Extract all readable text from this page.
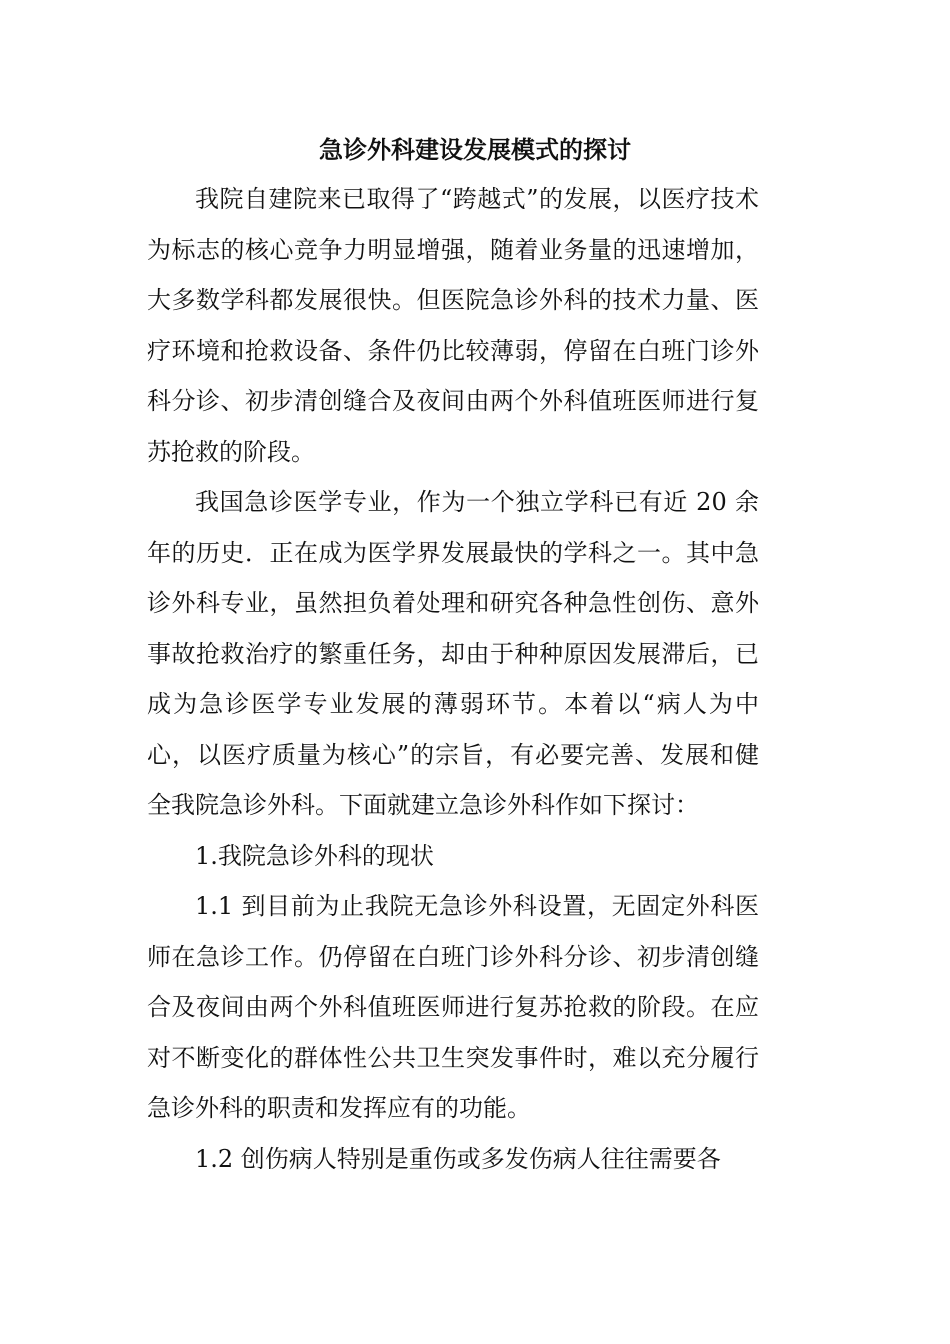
急诊外科建设发展模式的探讨

我院自建院来已取得了“跨越式”的发展，以医疗技术为标志的核心竞争力明显增强，随着业务量的迅速增加，大多数学科都发展很快。但医院急诊外科的技术力量、医疗环境和抢救设备、条件仍比较薄弱，停留在白班门诊外科分诊、初步清创缝合及夜间由两个外科值班医师进行复苏抢救的阶段。

我国急诊医学专业，作为一个独立学科已有近 20 余年的历史．正在成为医学界发展最快的学科之一。其中急诊外科专业，虽然担负着处理和研究各种急性创伤、意外事故抢救治疗的繁重任务，却由于种种原因发展滞后，已成为急诊医学专业发展的薄弱环节。本着以“病人为中心，以医疗质量为核心”的宗旨，有必要完善、发展和健全我院急诊外科。下面就建立急诊外科作如下探讨：

1.我院急诊外科的现状

1.1 到目前为止我院无急诊外科设置，无固定外科医师在急诊工作。仍停留在白班门诊外科分诊、初步清创缝合及夜间由两个外科值班医师进行复苏抢救的阶段。在应对不断变化的群体性公共卫生突发事件时，难以充分履行急诊外科的职责和发挥应有的功能。

1.2 创伤病人特别是重伤或多发伤病人往往需要各
